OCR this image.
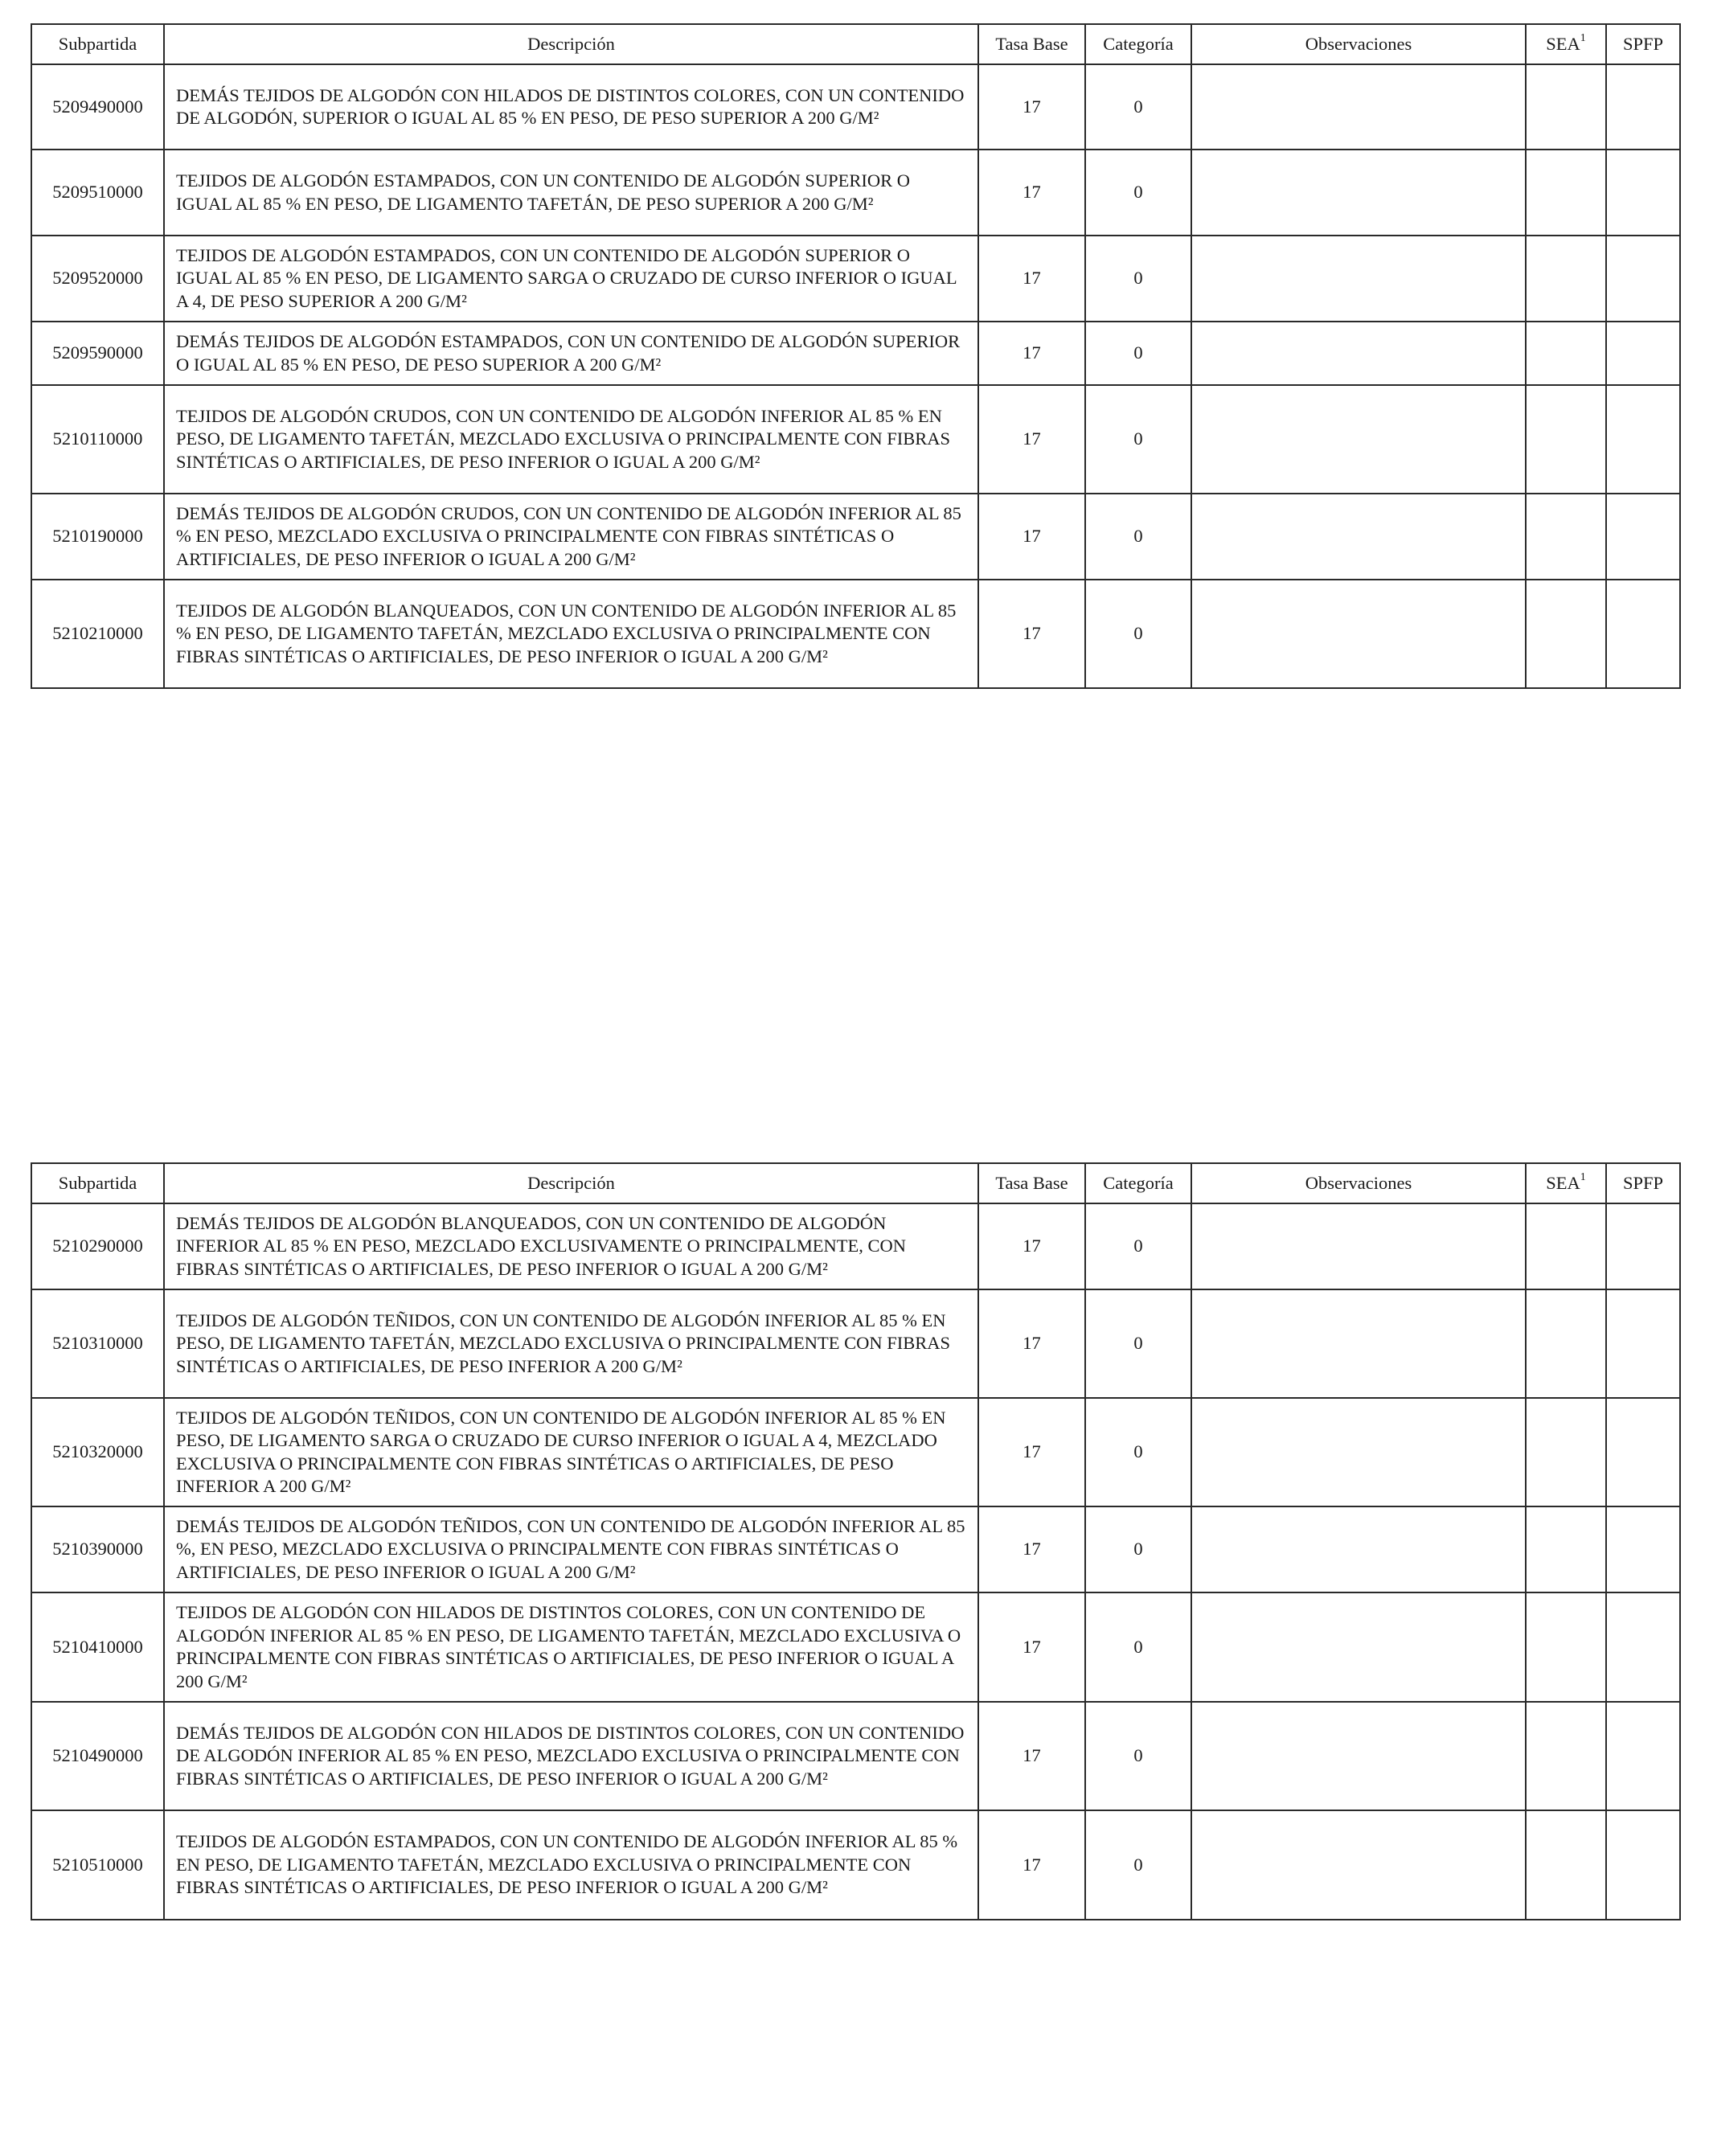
Subpartida	Descripción	Tasa Base	Categoría	Observaciones	SEA$^1$	SPFP
5209490000	DEMÁS TEJIDOS DE ALGODÓN CON HILADOS DE DISTINTOS COLORES, CON UN CONTENIDO DE ALGODÓN, SUPERIOR O IGUAL AL 85 % EN PESO, DE PESO SUPERIOR A 200 G/M²	17	0			
5209510000	TEJIDOS DE ALGODÓN ESTAMPADOS, CON UN CONTENIDO DE ALGODÓN SUPERIOR O IGUAL AL 85 % EN PESO, DE LIGAMENTO TAFETÁN, DE PESO SUPERIOR A 200 G/M²	17	0			
5209520000	TEJIDOS DE ALGODÓN ESTAMPADOS, CON UN CONTENIDO DE ALGODÓN SUPERIOR O IGUAL AL 85 % EN PESO, DE LIGAMENTO SARGA O CRUZADO DE CURSO INFERIOR O IGUAL A 4, DE PESO SUPERIOR A 200 G/M²	17	0			
5209590000	DEMÁS TEJIDOS DE ALGODÓN ESTAMPADOS, CON UN CONTENIDO DE ALGODÓN SUPERIOR O IGUAL AL 85 % EN PESO, DE PESO SUPERIOR A 200 G/M²	17	0			
5210110000	TEJIDOS DE ALGODÓN CRUDOS, CON UN CONTENIDO DE ALGODÓN INFERIOR AL 85 % EN PESO, DE LIGAMENTO TAFETÁN, MEZCLADO EXCLUSIVA O PRINCIPALMENTE CON FIBRAS SINTÉTICAS O ARTIFICIALES, DE PESO INFERIOR O IGUAL A 200 G/M²	17	0			
5210190000	DEMÁS TEJIDOS DE ALGODÓN CRUDOS, CON UN CONTENIDO DE ALGODÓN INFERIOR AL 85 % EN PESO, MEZCLADO EXCLUSIVA O PRINCIPALMENTE CON FIBRAS SINTÉTICAS O ARTIFICIALES, DE PESO INFERIOR O IGUAL A 200 G/M²	17	0			
5210210000	TEJIDOS DE ALGODÓN BLANQUEADOS, CON UN CONTENIDO DE ALGODÓN INFERIOR AL 85 % EN PESO, DE LIGAMENTO TAFETÁN, MEZCLADO EXCLUSIVA O PRINCIPALMENTE CON FIBRAS SINTÉTICAS O ARTIFICIALES, DE PESO INFERIOR O IGUAL A 200 G/M²	17	0			
Subpartida	Descripción	Tasa Base	Categoría	Observaciones	SEA$^1$	SPFP
5210290000	DEMÁS TEJIDOS DE ALGODÓN BLANQUEADOS, CON UN CONTENIDO DE ALGODÓN INFERIOR AL 85 % EN PESO, MEZCLADO EXCLUSIVAMENTE O PRINCIPALMENTE, CON FIBRAS SINTÉTICAS O ARTIFICIALES, DE PESO INFERIOR O IGUAL A 200 G/M²	17	0			
5210310000	TEJIDOS DE ALGODÓN TEÑIDOS, CON UN CONTENIDO DE ALGODÓN INFERIOR AL 85 % EN PESO, DE LIGAMENTO TAFETÁN, MEZCLADO EXCLUSIVA O PRINCIPALMENTE CON FIBRAS SINTÉTICAS O ARTIFICIALES, DE PESO INFERIOR A 200 G/M²	17	0			
5210320000	TEJIDOS DE ALGODÓN TEÑIDOS, CON UN CONTENIDO DE ALGODÓN INFERIOR AL 85 % EN PESO, DE LIGAMENTO SARGA O CRUZADO DE CURSO INFERIOR O IGUAL A 4, MEZCLADO EXCLUSIVA O PRINCIPALMENTE CON FIBRAS SINTÉTICAS O ARTIFICIALES, DE PESO INFERIOR A 200 G/M²	17	0			
5210390000	DEMÁS TEJIDOS DE ALGODÓN TEÑIDOS, CON UN CONTENIDO DE ALGODÓN INFERIOR AL 85 %, EN PESO, MEZCLADO EXCLUSIVA O PRINCIPALMENTE CON FIBRAS SINTÉTICAS O ARTIFICIALES, DE PESO INFERIOR O IGUAL A 200 G/M²	17	0			
5210410000	TEJIDOS DE ALGODÓN CON HILADOS DE DISTINTOS COLORES, CON UN CONTENIDO DE ALGODÓN INFERIOR AL 85 % EN PESO, DE LIGAMENTO TAFETÁN, MEZCLADO EXCLUSIVA O PRINCIPALMENTE CON FIBRAS SINTÉTICAS O ARTIFICIALES, DE PESO INFERIOR O IGUAL A 200 G/M²	17	0			
5210490000	DEMÁS TEJIDOS DE ALGODÓN CON HILADOS DE DISTINTOS COLORES, CON UN CONTENIDO DE ALGODÓN INFERIOR AL 85 % EN PESO, MEZCLADO EXCLUSIVA O PRINCIPALMENTE CON FIBRAS SINTÉTICAS O ARTIFICIALES, DE PESO INFERIOR O IGUAL A 200 G/M²	17	0			
5210510000	TEJIDOS DE ALGODÓN ESTAMPADOS, CON UN CONTENIDO DE ALGODÓN INFERIOR AL 85 % EN PESO, DE LIGAMENTO TAFETÁN, MEZCLADO EXCLUSIVA O PRINCIPALMENTE CON FIBRAS SINTÉTICAS O ARTIFICIALES, DE PESO INFERIOR O IGUAL A 200 G/M²	17	0			
